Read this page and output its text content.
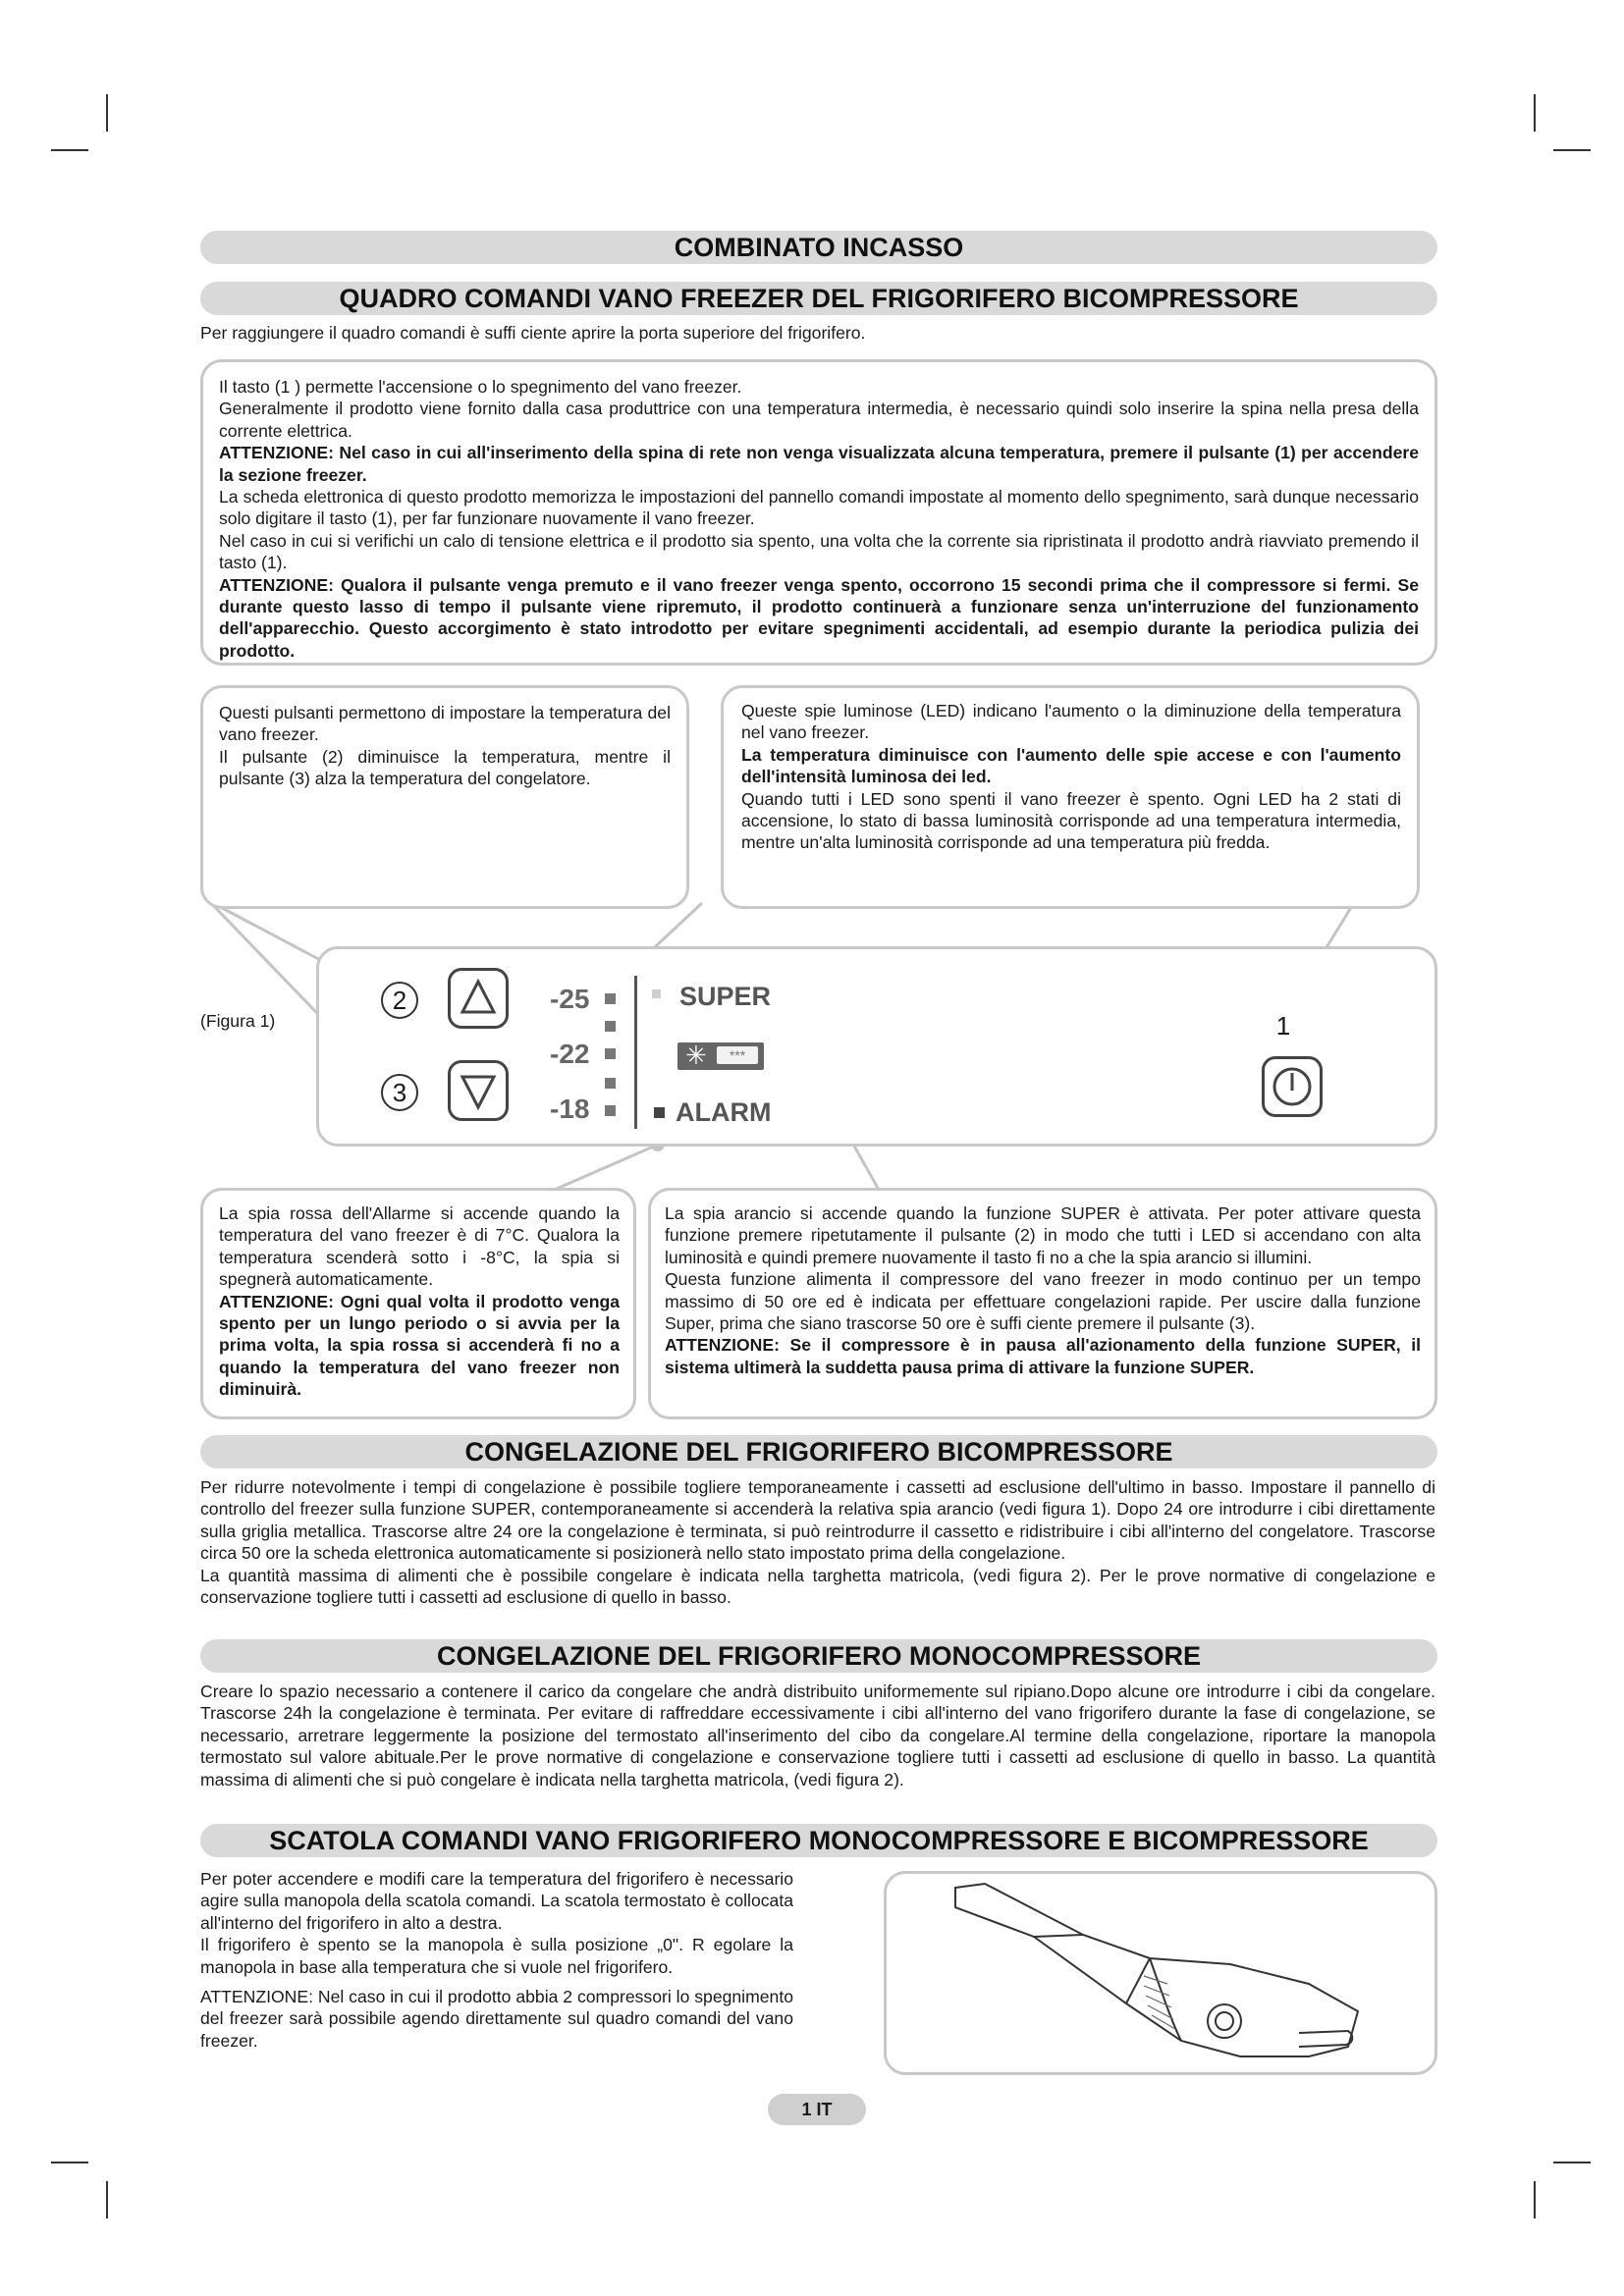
COMBINATO INCASSO
QUADRO COMANDI VANO FREEZER DEL FRIGORIFERO BICOMPRESSORE
Per raggiungere il quadro comandi è suffi ciente aprire la porta superiore del frigorifero.

Il tasto (1 ) permette l'accensione o lo spegnimento del vano freezer.

Generalmente il prodotto viene fornito dalla casa produttrice con una temperatura intermedia, è necessario quindi solo inserire la spina nella presa della corrente elettrica.

ATTENZIONE: Nel caso in cui all'inserimento della spina di rete non venga visualizzata alcuna temperatura, premere il pulsante (1) per accendere la sezione freezer.

La scheda elettronica di questo prodotto memorizza le impostazioni del pannello comandi impostate al momento dello spegnimento, sarà dunque necessario solo digitare il tasto (1), per far funzionare nuovamente il vano freezer.

Nel caso in cui si verifichi un calo di tensione elettrica e il prodotto sia spento, una volta che la corrente sia ripristinata il prodotto andrà riavviato premendo il tasto (1).

ATTENZIONE: Qualora il pulsante venga premuto e il vano freezer venga spento, occorrono 15 secondi prima che il compressore si fermi. Se durante questo lasso di tempo il pulsante viene ripremuto, il prodotto continuerà a funzionare senza un'interruzione del funzionamento dell'apparecchio. Questo accorgimento è stato introdotto per evitare spegnimenti accidentali, ad esempio durante la periodica pulizia dei prodotto.

Questi pulsanti permettono di impostare la temperatura del vano freezer.

Il pulsante (2) diminuisce la temperatura, mentre il pulsante (3) alza la temperatura del congelatore.

Queste spie luminose (LED) indicano l'aumento o la diminuzione della temperatura nel vano freezer.

La temperatura diminuisce con l'aumento delle spie accese e con l'aumento dell'intensità luminosa dei led.

Quando tutti i LED sono spenti il vano freezer è spento. Ogni LED ha 2 stati di accensione, lo stato di bassa luminosità corrisponde ad una temperatura intermedia, mentre un'alta luminosità corrisponde ad una temperatura più fredda.

(Figura 1)
2
3
-25
-22
-18
SUPER
✳	***
ALARM
1

La spia rossa dell'Allarme si accende quando la temperatura del vano freezer è di 7°C. Qualora la temperatura scenderà sotto i -8°C, la spia si spegnerà automaticamente.

ATTENZIONE: Ogni qual volta il prodotto venga spento per un lungo periodo o si avvia per la prima volta, la spia rossa si accenderà fi no a quando la temperatura del vano freezer non diminuirà.

La spia arancio si accende quando la funzione SUPER è attivata. Per poter attivare questa funzione premere ripetutamente il pulsante (2) in modo che tutti i LED si accendano con alta luminosità e quindi premere nuovamente il tasto fi no a che la spia arancio si illumini.

Questa funzione alimenta il compressore del vano freezer in modo continuo per un tempo massimo di 50 ore ed è indicata per effettuare congelazioni rapide. Per uscire dalla funzione Super, prima che siano trascorse 50 ore è suffi ciente premere il pulsante (3).

ATTENZIONE: Se il compressore è in pausa all'azionamento della funzione SUPER, il sistema ultimerà la suddetta pausa prima di attivare la funzione SUPER.

CONGELAZIONE DEL FRIGORIFERO BICOMPRESSORE
Per ridurre notevolmente i tempi di congelazione è possibile togliere temporaneamente i cassetti ad esclusione dell'ultimo in basso. Impostare il pannello di controllo del freezer sulla funzione SUPER, contemporaneamente si accenderà la relativa spia arancio (vedi figura 1). Dopo 24 ore introdurre i cibi direttamente sulla griglia metallica. Trascorse altre 24 ore la congelazione è terminata, si può reintrodurre il cassetto e ridistribuire i cibi all'interno del congelatore. Trascorse circa 50 ore la scheda elettronica automaticamente si posizionerà nello stato impostato prima della congelazione.
La quantità massima di alimenti che è possibile congelare è indicata nella targhetta matricola, (vedi figura 2). Per le prove normative di congelazione e conservazione togliere tutti i cassetti ad esclusione di quello in basso.
CONGELAZIONE DEL FRIGORIFERO MONOCOMPRESSORE
Creare lo spazio necessario a contenere il carico da congelare che andrà distribuito uniformemente sul ripiano.Dopo alcune ore introdurre i cibi da congelare. Trascorse 24h la congelazione è terminata. Per evitare di raffreddare eccessivamente i cibi all'interno del vano frigorifero durante la fase di congelazione, se necessario, arretrare leggermente la posizione del termostato all'inserimento del cibo da congelare.Al termine della congelazione, riportare la manopola termostato sul valore abituale.Per le prove normative di congelazione e conservazione togliere tutti i cassetti ad esclusione di quello in basso. La quantità massima di alimenti che si può congelare è indicata nella targhetta matricola, (vedi figura 2).
SCATOLA COMANDI VANO FRIGORIFERO MONOCOMPRESSORE E BICOMPRESSORE
Per poter accendere e modifi care la temperatura del frigorifero è necessario agire sulla manopola della scatola comandi. La scatola termostato è collocata all'interno del frigorifero in alto a destra.
Il frigorifero è spento se la manopola è sulla posizione „0". R egolare la manopola in base alla temperatura che si vuole nel frigorifero.
ATTENZIONE: Nel caso in cui il prodotto abbia 2 compressori lo spegnimento del freezer sarà possibile agendo direttamente sul quadro comandi del vano freezer.
1 IT
